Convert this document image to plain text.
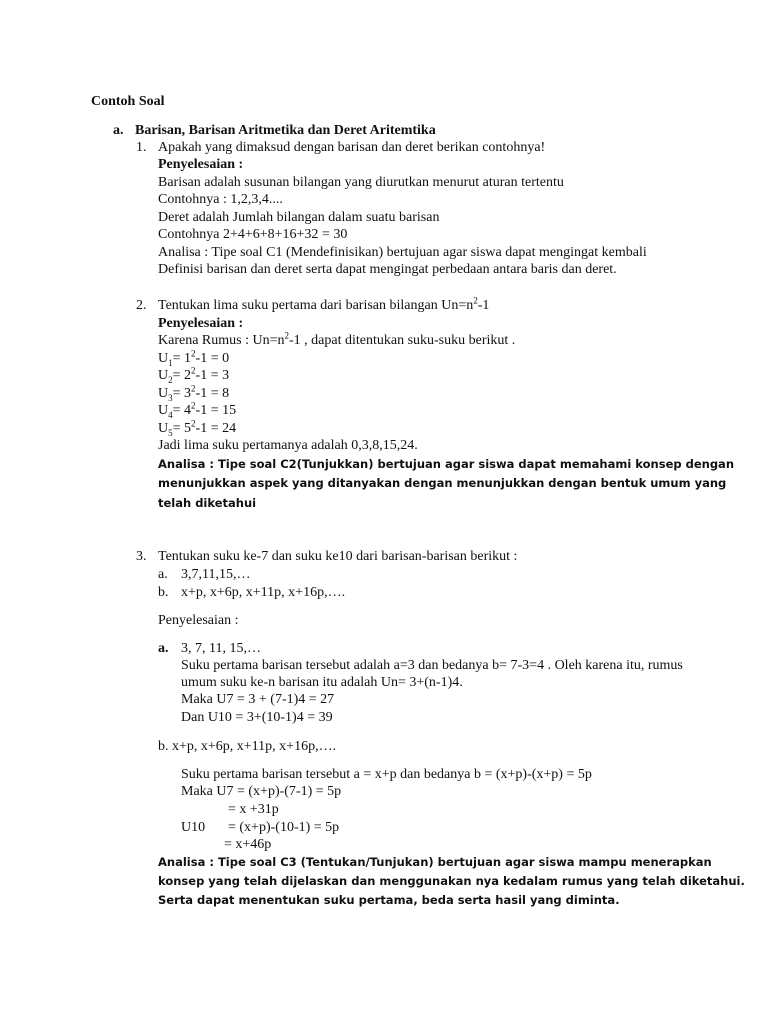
Contoh Soal
a. Barisan, Barisan Aritmetika dan Deret Aritemtika
1. Apakah yang dimaksud dengan barisan dan deret berikan contohnya!
Penyelesaian :
Barisan adalah susunan bilangan yang diurutkan menurut aturan tertentu
Contohnya : 1,2,3,4....
Deret adalah Jumlah bilangan dalam suatu barisan
Contohnya 2+4+6+8+16+32 = 30
Analisa : Tipe soal C1 (Mendefinisikan) bertujuan agar siswa dapat mengingat kembali
Definisi barisan dan deret serta dapat mengingat perbedaan antara baris dan deret.
2. Tentukan lima suku pertama dari barisan bilangan $Un=n^2-1$
Penyelesaian :
Karena Rumus : $Un=n^2-1$ , dapat ditentukan suku-suku berikut .
$U_1= 1^2-1 = 0$
$U_2= 2^2-1 = 3$
$U_3= 3^2-1 = 8$
$U_4= 4^2-1 = 15$
$U_5= 5^2-1 = 24$
Jadi lima suku pertamanya adalah 0,3,8,15,24.
Analisa : Tipe soal C2(Tunjukkan) bertujuan agar siswa dapat memahami konsep dengan
menunjukkan aspek yang ditanyakan dengan menunjukkan dengan bentuk umum yang
telah diketahui
3. Tentukan suku ke-7 dan suku ke10 dari barisan-barisan berikut :
a. 3,7,11,15,…
b. x+p, x+6p, x+11p, x+16p,….
Penyelesaian :
a. 3, 7, 11, 15,…
Suku pertama barisan tersebut adalah a=3 dan bedanya b= 7-3=4 . Oleh karena itu, rumus
umum suku ke-n barisan itu adalah Un= 3+(n-1)4.
Maka U7 = 3 + (7-1)4 = 27
Dan U10 = 3+(10-1)4 = 39
b. x+p, x+6p, x+11p, x+16p,….
Suku pertama barisan tersebut a = x+p dan bedanya b = (x+p)-(x+p) = 5p
Maka U7 = (x+p)-(7-1) = 5p
= x +31p
U10 = (x+p)-(10-1) = 5p
= x+46p
Analisa : Tipe soal C3 (Tentukan/Tunjukan) bertujuan agar siswa mampu menerapkan
konsep yang telah dijelaskan dan menggunakan nya kedalam rumus yang telah diketahui.
Serta dapat menentukan suku pertama, beda serta hasil yang diminta.
